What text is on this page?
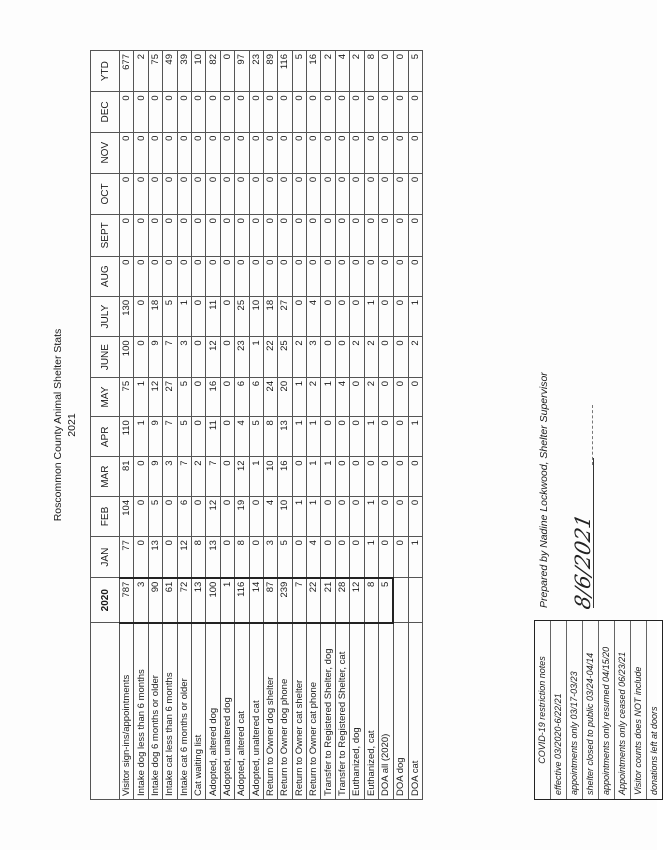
Roscommon County Animal Shelter Stats 2021
	2020	JAN	FEB	MAR	APR	MAY	JUNE	JULY	AUG	SEPT	OCT	NOV	DEC	YTD
Visitor sign-ins/appointments	787	77	104	81	110	75	100	130	0	0	0	0	0	677
Intake dog less than 6 months	3	0	0	0	1	1	0	0	0	0	0	0	0	2
Intake dog 6 months or older	90	13	5	9	9	12	9	18	0	0	0	0	0	75
Intake cat less than 6 months	61	0	0	3	7	27	7	5	0	0	0	0	0	49
Intake cat 6 months or older	72	12	6	7	5	5	3	1	0	0	0	0	0	39
Cat waiting list	13	8	0	2	0	0	0	0	0	0	0	0	0	10
Adopted, altered dog	100	13	12	7	11	16	12	11	0	0	0	0	0	82
Adopted, unaltered dog	1	0	0	0	0	0	0	0	0	0	0	0	0	0
Adopted, altered cat	116	8	19	12	4	6	23	25	0	0	0	0	0	97
Adopted, unaltered cat	14	0	0	1	5	6	1	10	0	0	0	0	0	23
Return to Owner dog shelter	87	3	4	10	8	24	22	18	0	0	0	0	0	89
Return to Owner dog phone	239	5	10	16	13	20	25	27	0	0	0	0	0	116
Return to Owner cat shelter	7	0	1	0	1	1	2	0	0	0	0	0	0	5
Return to Owner cat phone	22	4	1	1	1	2	3	4	0	0	0	0	0	16
Transfer to Registered Shelter, dog	21	0	0	1	0	1	0	0	0	0	0	0	0	2
Transfer to Registered Shelter, cat	28	0	0	0	0	4	0	0	0	0	0	0	0	4
Euthanized, dog	12	0	0	0	0	0	2	0	0	0	0	0	0	2
Euthanized, cat	8	1	1	0	1	2	2	1	0	0	0	0	0	8
DOA all (2020)	5	0	0	0	0	0	0	0	0	0	0	0	0	0
DOA dog		0	0	0	0	0	0	0	0	0	0	0	0	0
DOA cat		1	0	0	1	0	2	1	0	0	0	0	0	5
COVID-19 restriction notes effective 03/2020-6/22/21 appointments only 03/17-03/23 shelter closed to public 03/24-04/14 appointments only resumed 04/15/20 Appointments only ceased 06/23/21 Visitor counts does NOT include donations left at doors
Prepared by Nadine Lockwood, Shelter Supervisor 8/6/2021
